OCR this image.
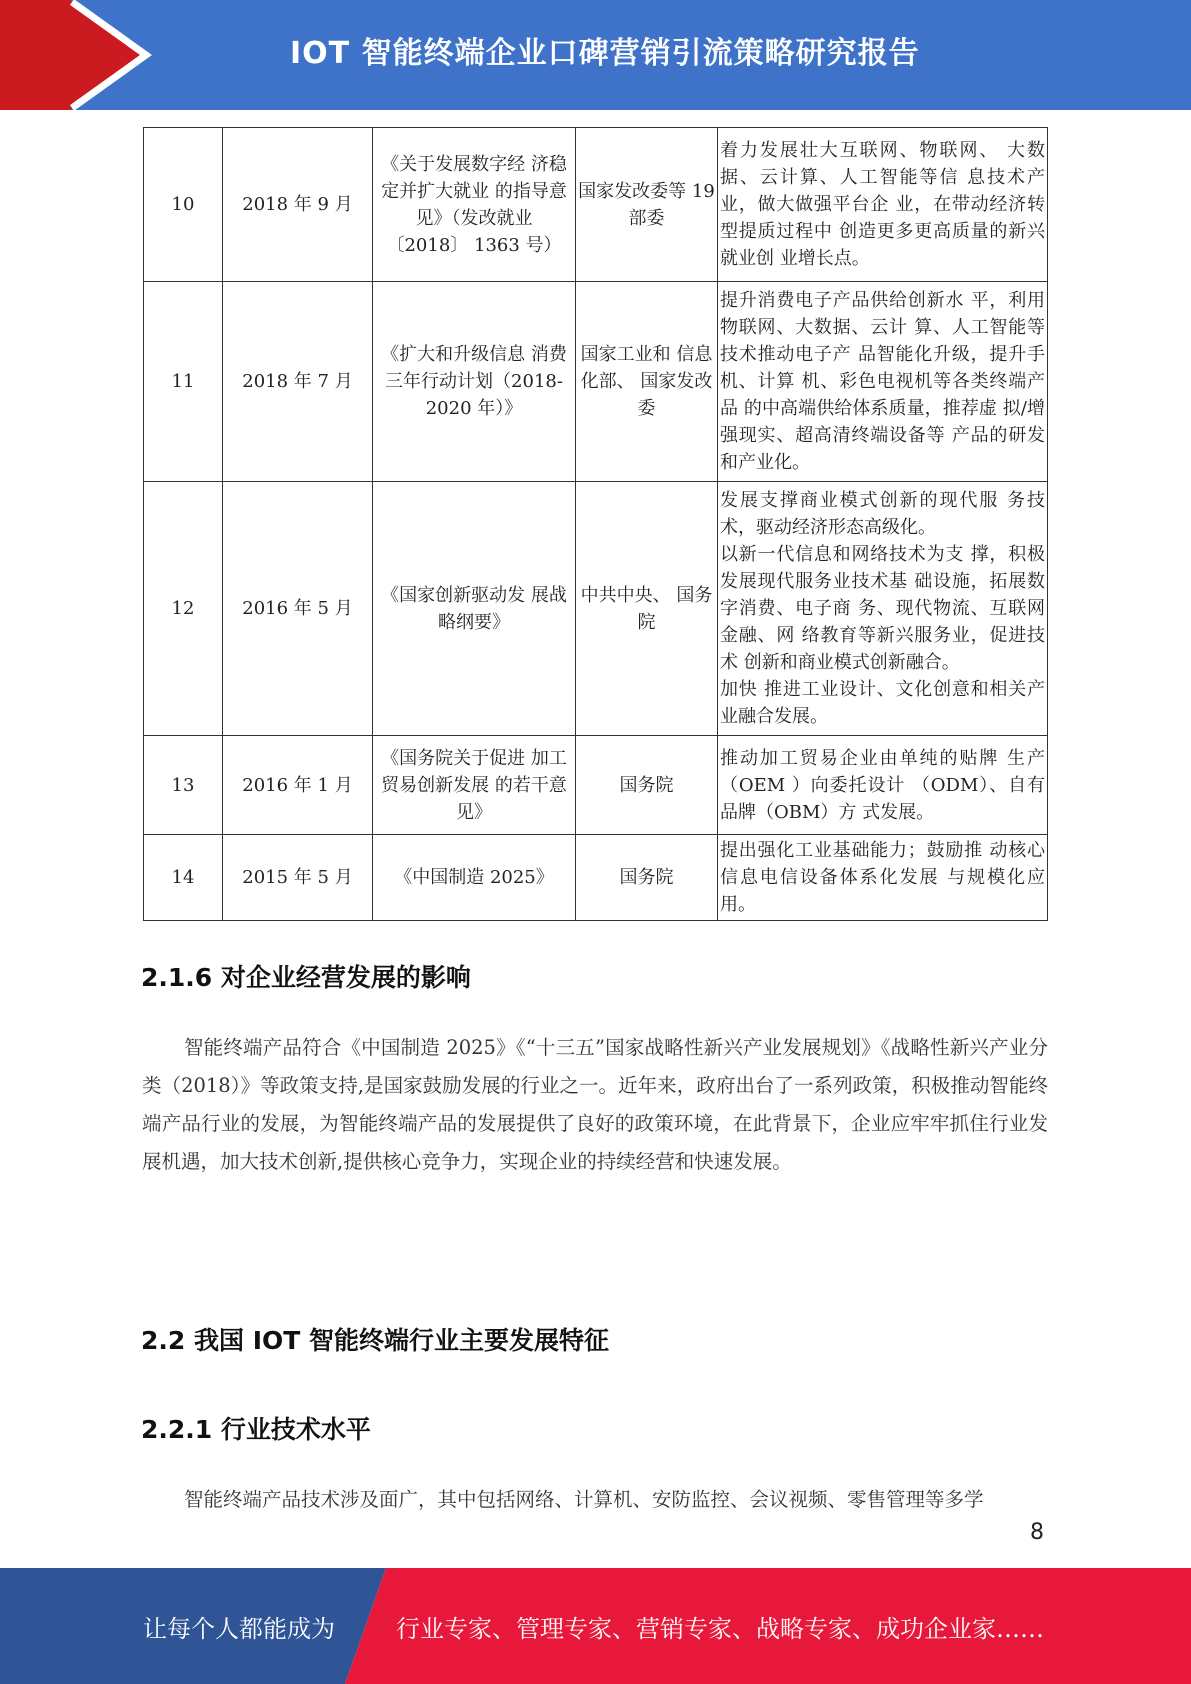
IOT 智能终端企业口碑营销引流策略研究报告
10	2018 年 9 月	《关于发展数字经 济稳定并扩大就业 的指导意见》（发改就业〔2018〕 1363 号）	国家发改委等 19 部委	着力发展壮大互联网、物联网、 大数据、云计算、人工智能等信 息技术产业，做大做强平台企 业，在带动经济转型提质过程中 创造更多更高质量的新兴就业创 业增长点。

11	2018 年 7 月	《扩大和升级信息 消费三年行动计划（2018-2020 年）》	国家工业和 信息化部、 国家发改委	提升消费电子产品供给创新水 平，利用物联网、大数据、云计 算、人工智能等技术推动电子产 品智能化升级，提升手机、计算 机、彩色电视机等各类终端产品 的中高端供给体系质量，推荐虚 拟/增强现实、超高清终端设备等 产品的研发和产业化。

12	2016 年 5 月	《国家创新驱动发 展战略纲要》	中共中央、 国务院	发展支撑商业模式创新的现代服 务技术，驱动经济形态高级化。
以新一代信息和网络技术为支 撑，积极发展现代服务业技术基 础设施，拓展数字消费、电子商 务、现代物流、互联网金融、网 络教育等新兴服务业，促进技术 创新和商业模式创新融合。
加快 推进工业设计、文化创意和相关产业融合发展。

13	2016 年 1 月	《国务院关于促进 加工贸易创新发展 的若干意见》	国务院	推动加工贸易企业由单纯的贴牌 生产（OEM ）向委托设计 （ODM）、自有品牌（OBM）方 式发展。

14	2015 年 5 月	《中国制造 2025》	国务院	提出强化工业基础能力；鼓励推 动核心信息电信设备体系化发展 与规模化应用。
2.1.6 对企业经营发展的影响
智能终端产品符合《中国制造 2025》《“十三五”国家战略性新兴产业发展规划》《战略性新兴产业分类（2018）》等政策支持,是国家鼓励发展的行业之一。近年来，政府出台了一系列政策，积极推动智能终端产品行业的发展，为智能终端产品的发展提供了良好的政策环境，在此背景下，企业应牢牢抓住行业发展机遇，加大技术创新,提供核心竞争力，实现企业的持续经营和快速发展。
2.2 我国 IOT 智能终端行业主要发展特征
2.2.1 行业技术水平
智能终端产品技术涉及面广，其中包括网络、计算机、安防监控、会议视频、零售管理等多学
8
让每个人都能成为	行业专家、管理专家、营销专家、战略专家、成功企业家……
